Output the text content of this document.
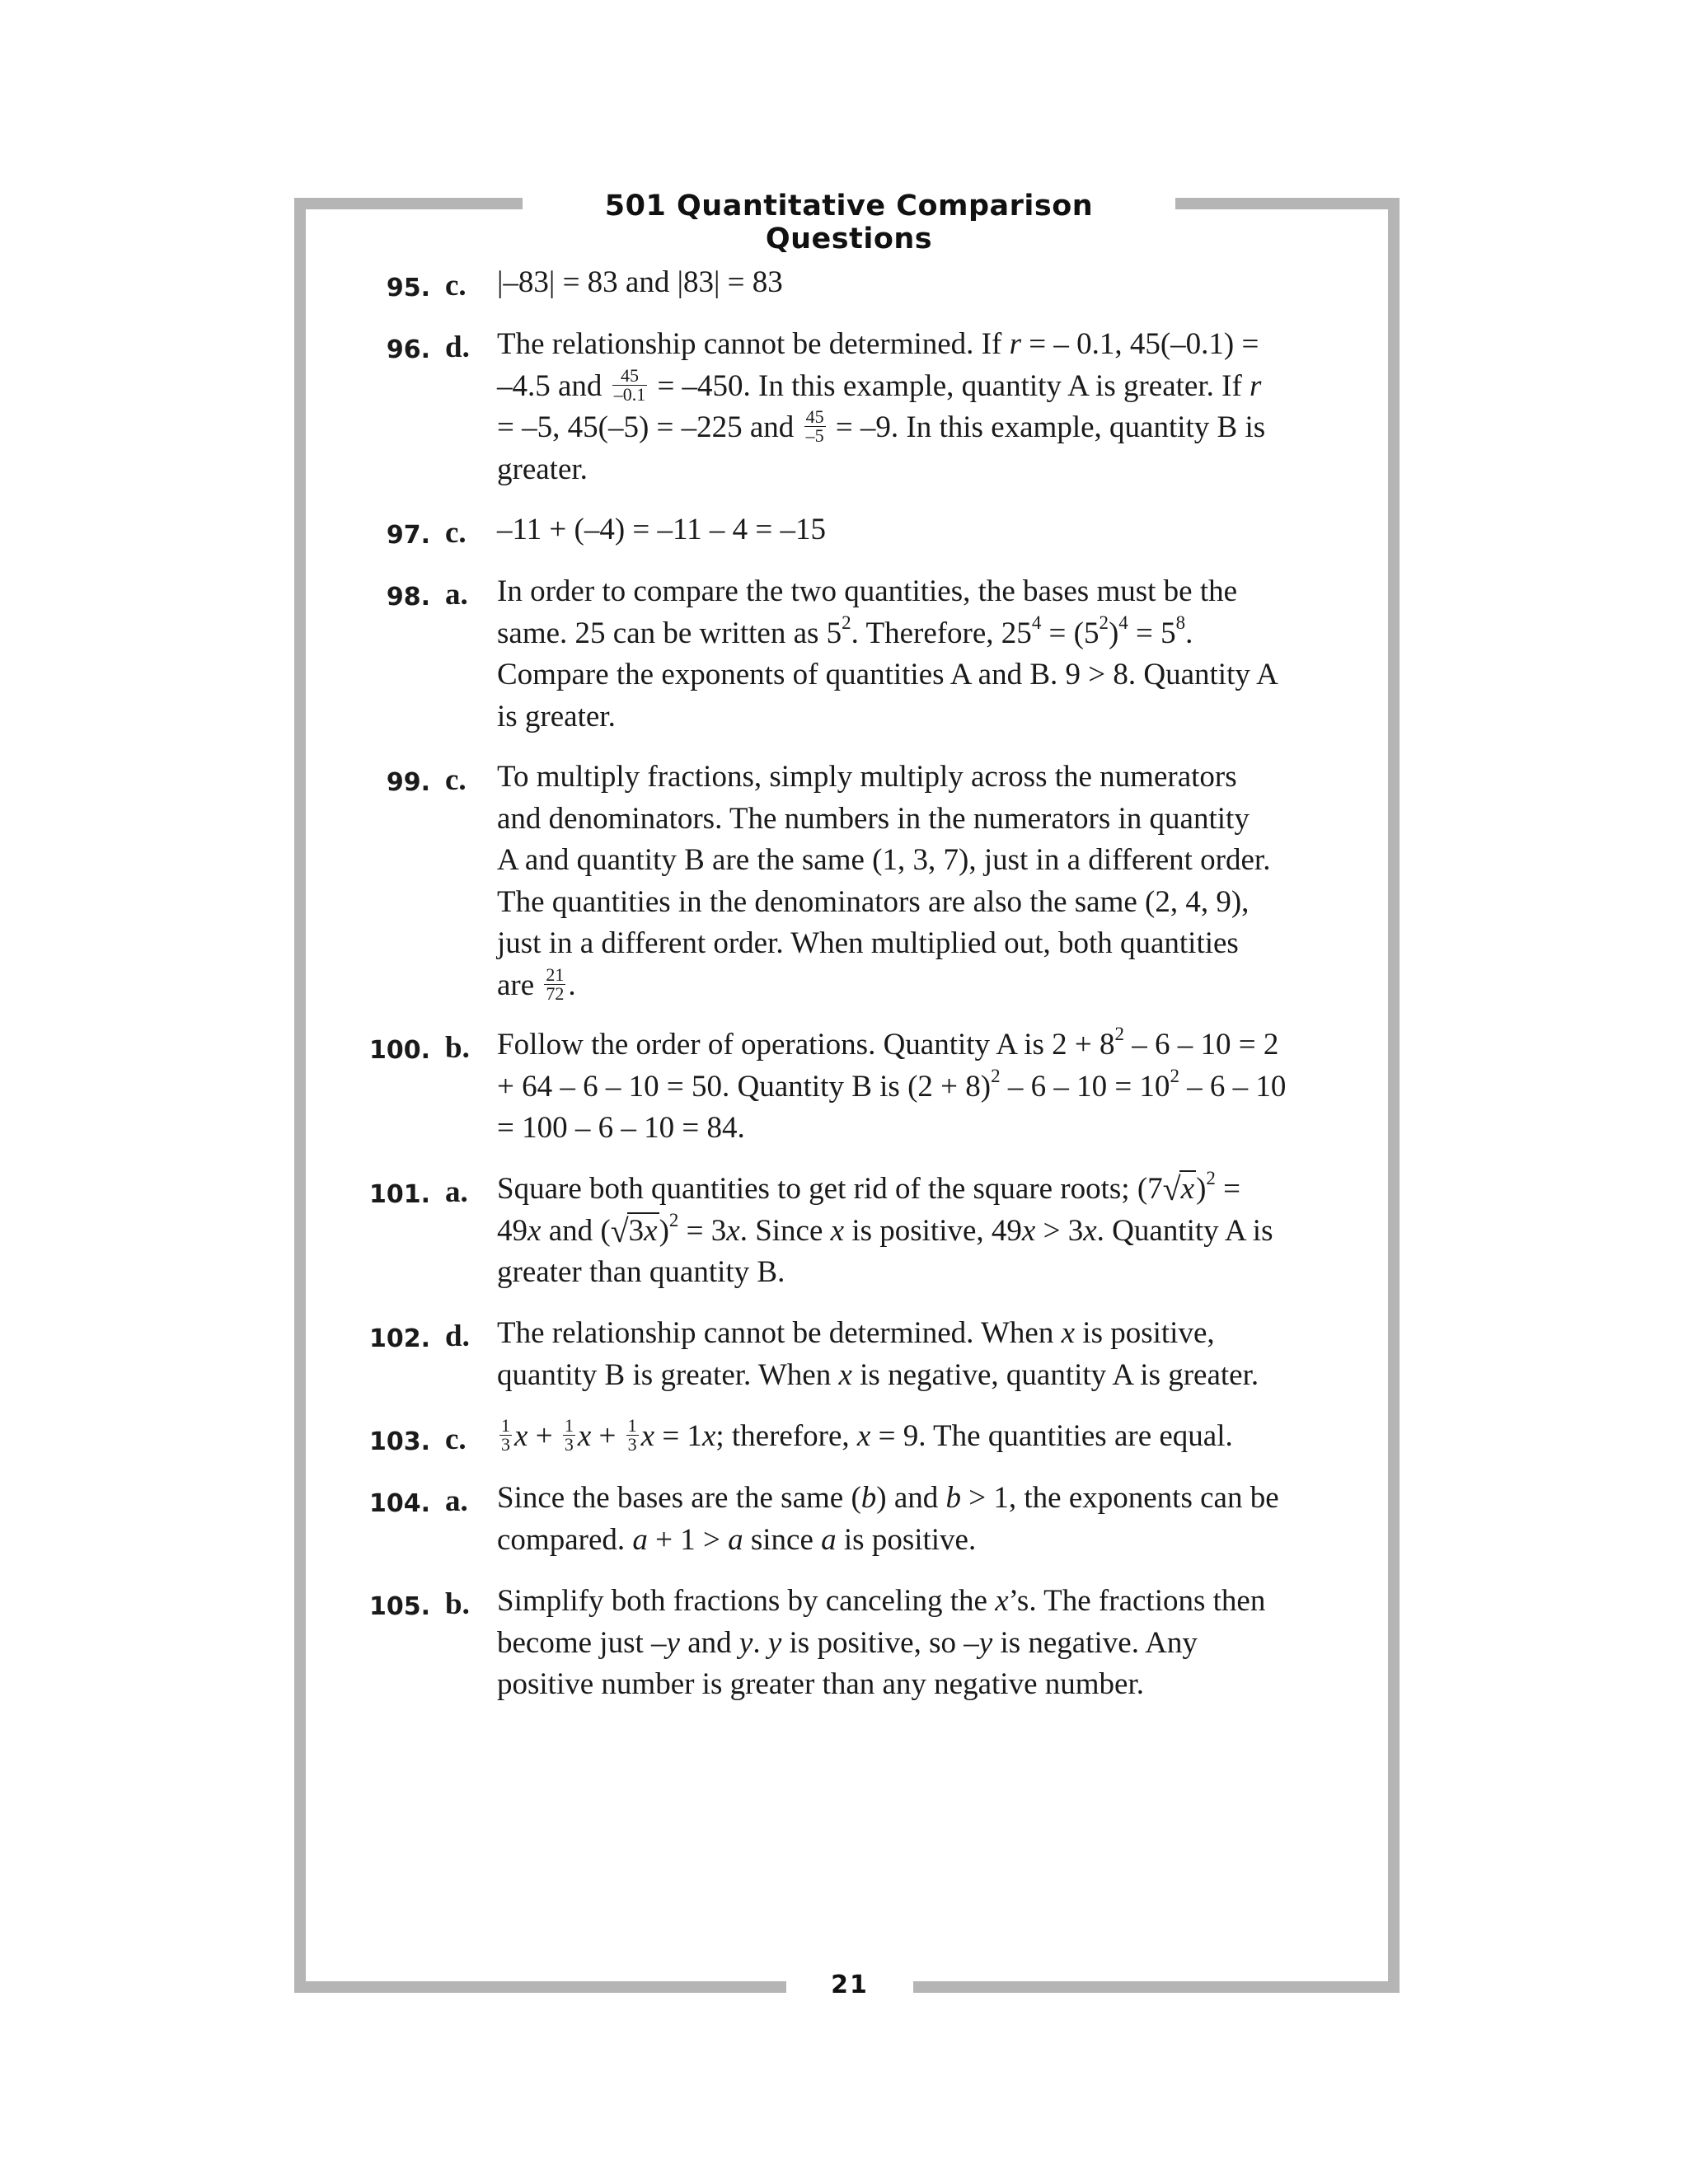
501 Quantitative Comparison Questions
95. c. |–83| = 83 and |83| = 83
96. d. The relationship cannot be determined. If r = – 0.1, 45(–0.1) =
–4.5 and $\frac{45}{-0.1} = -450$. In this example, quantity A is greater. If r
= –5, 45(–5) = –225 and $\frac{45}{-5} = -9$. In this example, quantity B is
greater.
97. c. –11 + (–4) = –11 – 4 = –15
98. a. In order to compare the two quantities, the bases must be the
same. 25 can be written as $5^2$. Therefore, $25^4 = (5^2)^4 = 5^8$.
Compare the exponents of quantities A and B. 9 > 8. Quantity A
is greater.
99. c. To multiply fractions, simply multiply across the numerators
and denominators. The numbers in the numerators in quantity
A and quantity B are the same (1, 3, 7), just in a different order.
The quantities in the denominators are also the same (2, 4, 9),
just in a different order. When multiplied out, both quantities
are $\frac{21}{72}$ .
100. b. Follow the order of operations. Quantity A is $2 + 8^2 - 6 - 10 = 2$
+ 64 – 6 – 10 = 50. Quantity B is $(2 + 8)^2 - 6 - 10 = 10^2 - 6 - 10$
= 100 – 6 – 10 = 84.
101. a. Square both quantities to get rid of the square roots; $(7√x)^2$ =
49x and $(√3x)^2 = 3x$. Since x is positive, 49x > 3x. Quantity A is
greater than quantity B.
102. d. The relationship cannot be determined. When x is positive,
quantity B is greater. When x is negative, quantity A is greater.
103. c. $\frac{1}{3}$ $x + \frac{1}{3}$ $x + \frac{1}{3}$ x = 1x; therefore, x = 9. The quantities are equal.
104. a. Since the bases are the same (b) and b > 1, the exponents can be
compared. a + 1 > a since a is positive.
105. b. Simplify both fractions by canceling the x’s. The fractions then
become just –y and y. y is positive, so –y is negative. Any
positive number is greater than any negative number.
21
